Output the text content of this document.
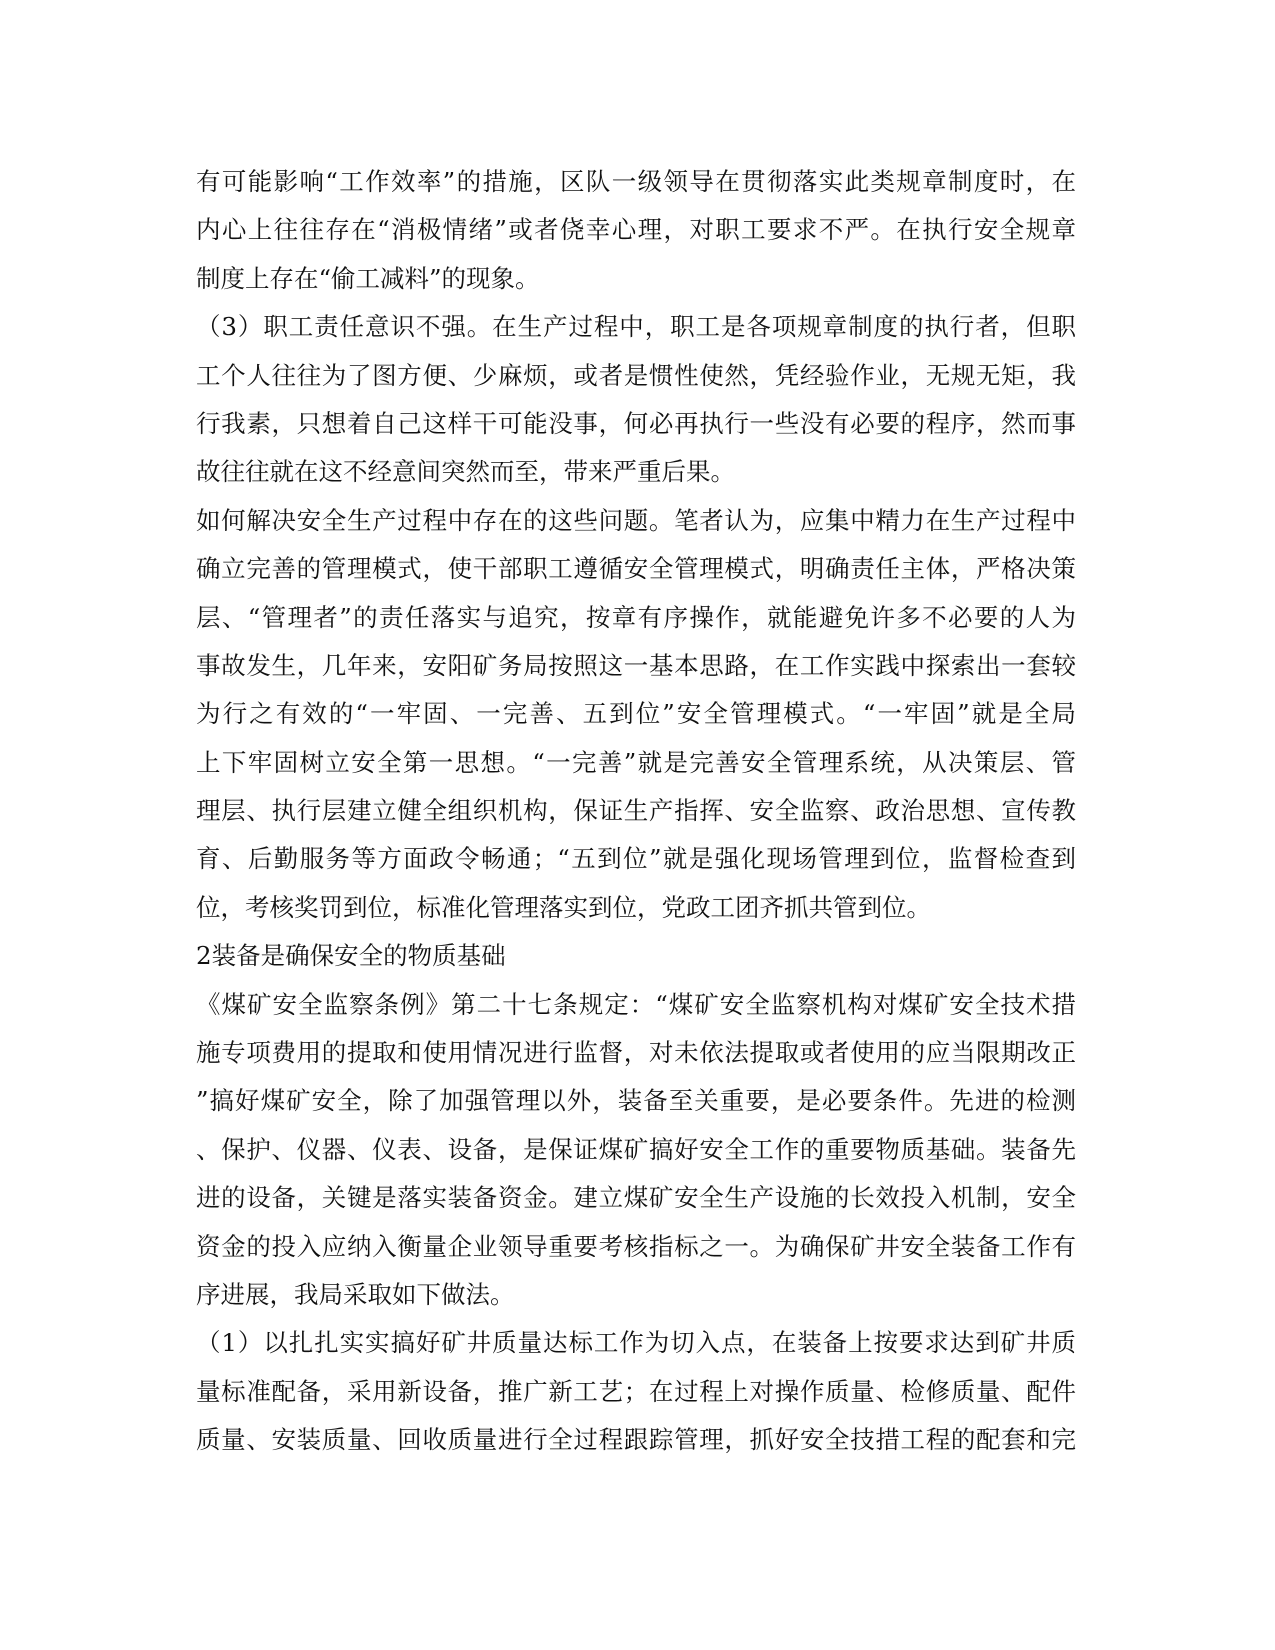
有可能影响“工作效率”的措施，区队一级领导在贯彻落实此类规章制度时，在
内心上往往存在“消极情绪”或者侥幸心理，对职工要求不严。在执行安全规章
制度上存在“偷工减料”的现象。
（3）职工责任意识不强。在生产过程中，职工是各项规章制度的执行者，但职
工个人往往为了图方便、少麻烦，或者是惯性使然，凭经验作业，无规无矩，我
行我素，只想着自己这样干可能没事，何必再执行一些没有必要的程序，然而事
故往往就在这不经意间突然而至，带来严重后果。
如何解决安全生产过程中存在的这些问题。笔者认为，应集中精力在生产过程中
确立完善的管理模式，使干部职工遵循安全管理模式，明确责任主体，严格决策
层、“管理者”的责任落实与追究，按章有序操作，就能避免许多不必要的人为
事故发生，几年来，安阳矿务局按照这一基本思路，在工作实践中探索出一套较
为行之有效的“一牢固、一完善、五到位”安全管理模式。“一牢固”就是全局
上下牢固树立安全第一思想。“一完善”就是完善安全管理系统，从决策层、管
理层、执行层建立健全组织机构，保证生产指挥、安全监察、政治思想、宣传教
育、后勤服务等方面政令畅通；“五到位”就是强化现场管理到位，监督检查到
位，考核奖罚到位，标准化管理落实到位，党政工团齐抓共管到位。
2装备是确保安全的物质基础
《煤矿安全监察条例》第二十七条规定：“煤矿安全监察机构对煤矿安全技术措
施专项费用的提取和使用情况进行监督，对未依法提取或者使用的应当限期改正
”搞好煤矿安全，除了加强管理以外，装备至关重要，是必要条件。先进的检测
、保护、仪器、仪表、设备，是保证煤矿搞好安全工作的重要物质基础。装备先
进的设备，关键是落实装备资金。建立煤矿安全生产设施的长效投入机制，安全
资金的投入应纳入衡量企业领导重要考核指标之一。为确保矿井安全装备工作有
序进展，我局采取如下做法。
（1）以扎扎实实搞好矿井质量达标工作为切入点，在装备上按要求达到矿井质
量标准配备，采用新设备，推广新工艺；在过程上对操作质量、检修质量、配件
质量、安装质量、回收质量进行全过程跟踪管理，抓好安全技措工程的配套和完
